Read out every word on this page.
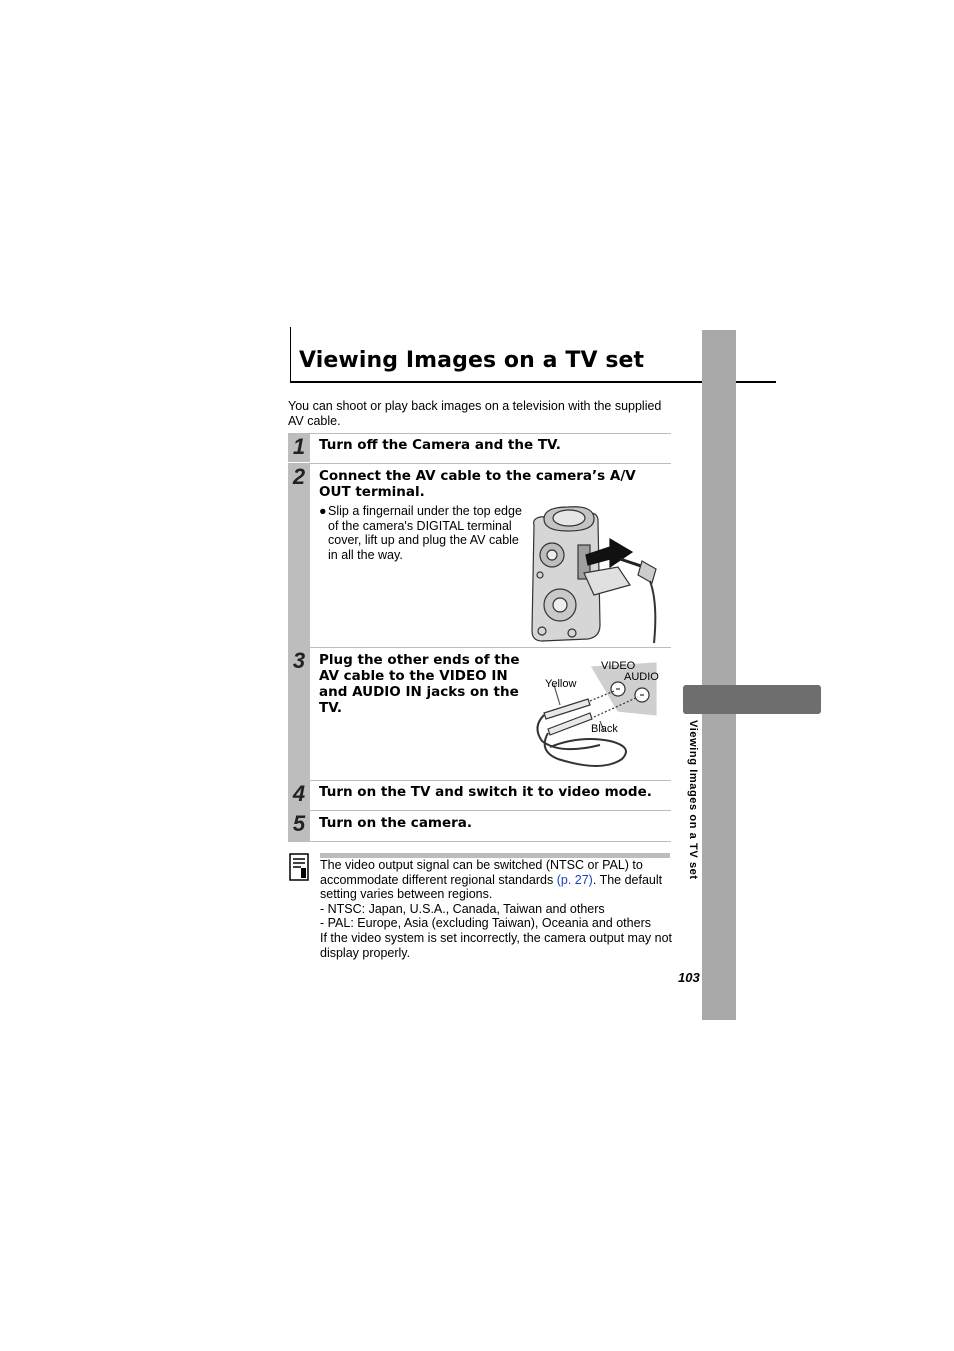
Viewing Images on a TV set
Viewing Images on a TV set
You can shoot or play back images on a television with the supplied AV cable.
1	Turn off the Camera and the TV.
2	Connect the AV cable to the camera’s A/V OUT terminal.
● Slip a fingernail under the top edge of the camera's DIGITAL terminal cover, lift up and plug the AV cable in all the way.
3	Plug the other ends of the AV cable to the VIDEO IN and AUDIO IN jacks on the TV.
VIDEO
AUDIO
Yellow
Black
4	Turn on the TV and switch it to video mode.
5	Turn on the camera.
The video output signal can be switched (NTSC or PAL) to accommodate different regional standards (p. 27). The default setting varies between regions.
- NTSC: Japan, U.S.A., Canada, Taiwan and others
- PAL: Europe, Asia (excluding Taiwan), Oceania and others
If the video system is set incorrectly, the camera output may not display properly.
103
